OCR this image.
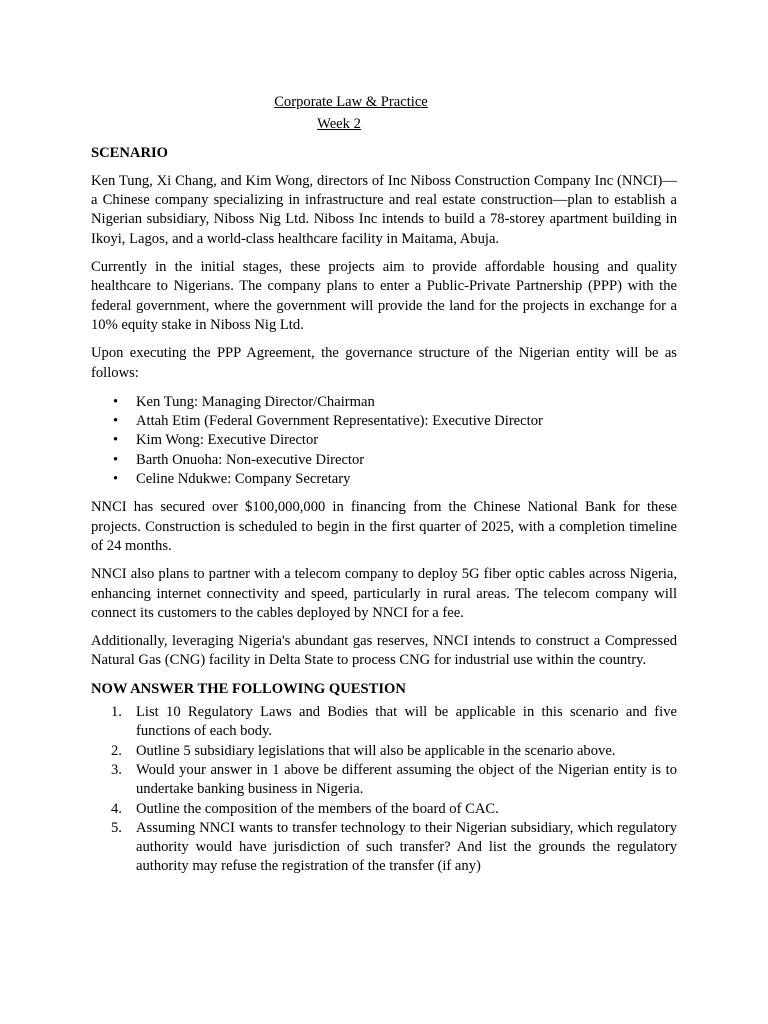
Corporate Law & Practice
Week 2
SCENARIO

Ken Tung, Xi Chang, and Kim Wong, directors of Inc Niboss Construction Company Inc (NNCI)—a Chinese company specializing in infrastructure and real estate construction—plan to establish a Nigerian subsidiary, Niboss Nig Ltd. Niboss Inc intends to build a 78-storey apartment building in Ikoyi, Lagos, and a world-class healthcare facility in Maitama, Abuja.

Currently in the initial stages, these projects aim to provide affordable housing and quality healthcare to Nigerians. The company plans to enter a Public-Private Partnership (PPP) with the federal government, where the government will provide the land for the projects in exchange for a 10% equity stake in Niboss Nig Ltd.

Upon executing the PPP Agreement, the governance structure of the Nigerian entity will be as follows:

• Ken Tung: Managing Director/Chairman
• Attah Etim (Federal Government Representative): Executive Director
• Kim Wong: Executive Director
• Barth Onuoha: Non-executive Director
• Celine Ndukwe: Company Secretary

NNCI has secured over $100,000,000 in financing from the Chinese National Bank for these projects. Construction is scheduled to begin in the first quarter of 2025, with a completion timeline of 24 months.

NNCI also plans to partner with a telecom company to deploy 5G fiber optic cables across Nigeria, enhancing internet connectivity and speed, particularly in rural areas. The telecom company will connect its customers to the cables deployed by NNCI for a fee.

Additionally, leveraging Nigeria's abundant gas reserves, NNCI intends to construct a Compressed Natural Gas (CNG) facility in Delta State to process CNG for industrial use within the country.

NOW ANSWER THE FOLLOWING QUESTION
1. List 10 Regulatory Laws and Bodies that will be applicable in this scenario and five functions of each body.
2. Outline 5 subsidiary legislations that will also be applicable in the scenario above.
3. Would your answer in 1 above be different assuming the object of the Nigerian entity is to undertake banking business in Nigeria.
4. Outline the composition of the members of the board of CAC.
5. Assuming NNCI wants to transfer technology to their Nigerian subsidiary, which regulatory authority would have jurisdiction of such transfer? And list the grounds the regulatory authority may refuse the registration of the transfer (if any)
